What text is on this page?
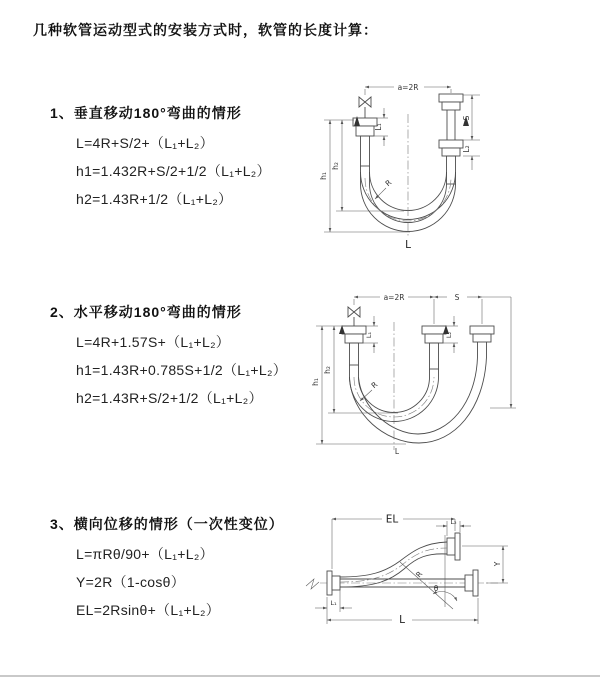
几种软管运动型式的安装方式时，软管的长度计算：

1、垂直移动180°弯曲的情形

L=4R+S/2+（L₁+L₂）

h1=1.432R+S/2+1/2（L₁+L₂）

h2=1.43R+1/2（L₁+L₂）

2、水平移动180°弯曲的情形

L=4R+1.57S+（L₁+L₂）

h1=1.43R+0.785S+1/2（L₁+L₂）

h2=1.43R+S/2+1/2（L₁+L₂）

3、横向位移的情形（一次性变位）

L=πRθ/90+（L₁+L₂）

Y=2R（1-cosθ）

EL=2Rsinθ+（L₁+L₂）

a=2R
h₁
h₂
L₁
S
L₂
R
L
a=2R	S
h₁
h₂
L₁	L₂
R
L
θ
R
EL	L₂
Y
L
L₁
